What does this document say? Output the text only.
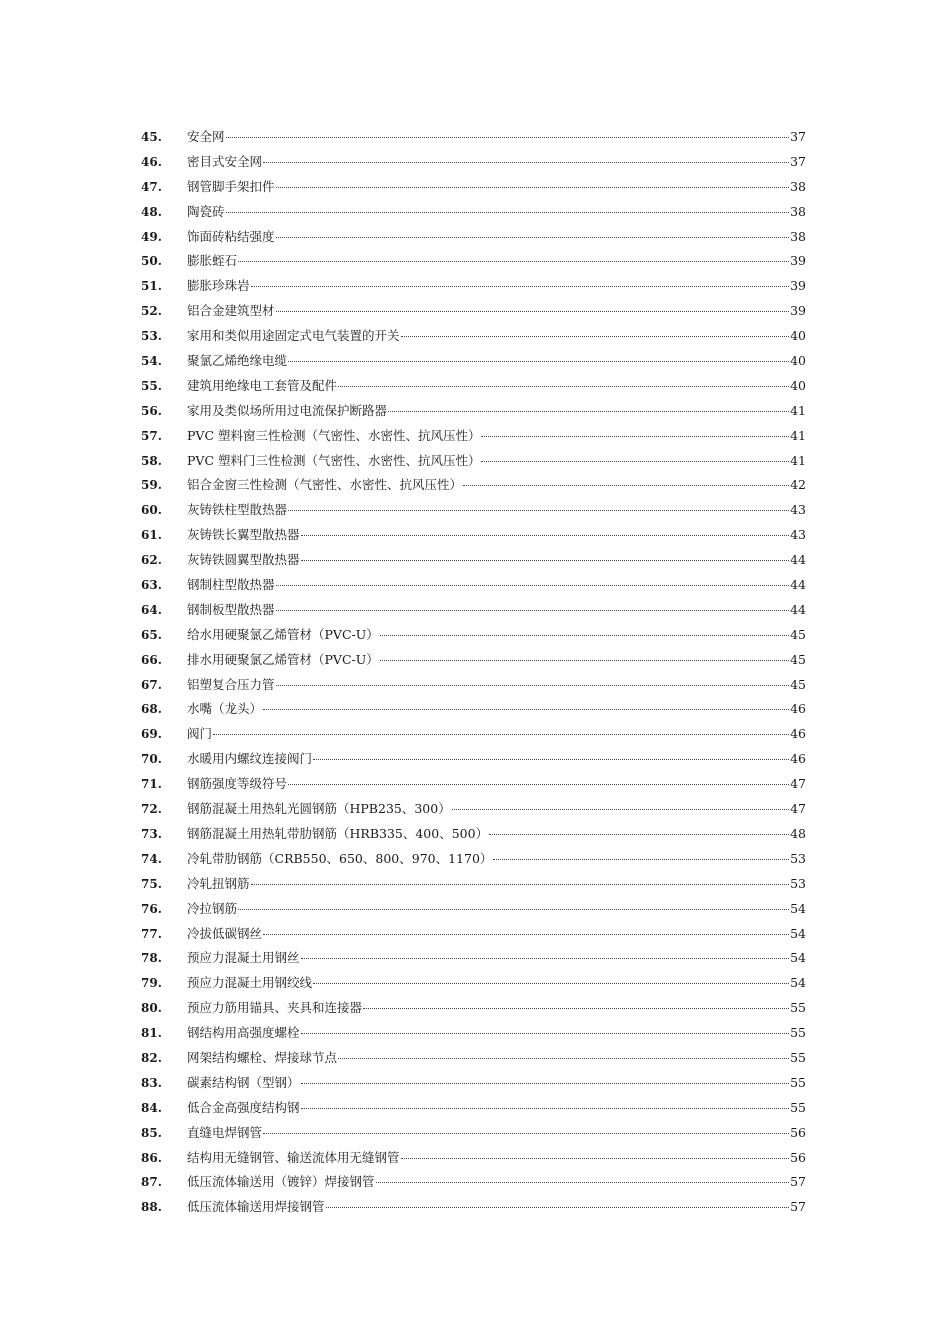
45.	安全网	37
46.	密目式安全网	37
47.	钢管脚手架扣件	38
48.	陶瓷砖	38
49.	饰面砖粘结强度	38
50.	膨胀蛭石	39
51.	膨胀珍珠岩	39
52.	铝合金建筑型材	39
53.	家用和类似用途固定式电气装置的开关	40
54.	聚氯乙烯绝缘电缆	40
55.	建筑用绝缘电工套管及配件	40
56.	家用及类似场所用过电流保护断路器	41
57.	PVC 塑料窗三性检测（气密性、水密性、抗风压性）	41
58.	PVC 塑料门三性检测（气密性、水密性、抗风压性）	41
59.	铝合金窗三性检测（气密性、水密性、抗风压性）	42
60.	灰铸铁柱型散热器	43
61.	灰铸铁长翼型散热器	43
62.	灰铸铁圆翼型散热器	44
63.	钢制柱型散热器	44
64.	钢制板型散热器	44
65.	给水用硬聚氯乙烯管材（PVC-U）	45
66.	排水用硬聚氯乙烯管材（PVC-U）	45
67.	铝塑复合压力管	45
68.	水嘴（龙头）	46
69.	阀门	46
70.	水暖用内螺纹连接阀门	46
71.	钢筋强度等级符号	47
72.	钢筋混凝土用热轧光圆钢筋（HPB235、300）	47
73.	钢筋混凝土用热轧带肋钢筋（HRB335、400、500）	48
74.	冷轧带肋钢筋（CRB550、650、800、970、1170）	53
75.	冷轧扭钢筋	53
76.	冷拉钢筋	54
77.	冷拔低碳钢丝	54
78.	预应力混凝土用钢丝	54
79.	预应力混凝土用钢绞线	54
80.	预应力筋用锚具、夹具和连接器	55
81.	钢结构用高强度螺栓	55
82.	网架结构螺栓、焊接球节点	55
83.	碳素结构钢（型钢）	55
84.	低合金高强度结构钢	55
85.	直缝电焊钢管	56
86.	结构用无缝钢管、输送流体用无缝钢管	56
87.	低压流体输送用（镀锌）焊接钢管	57
88.	低压流体输送用焊接钢管	57
